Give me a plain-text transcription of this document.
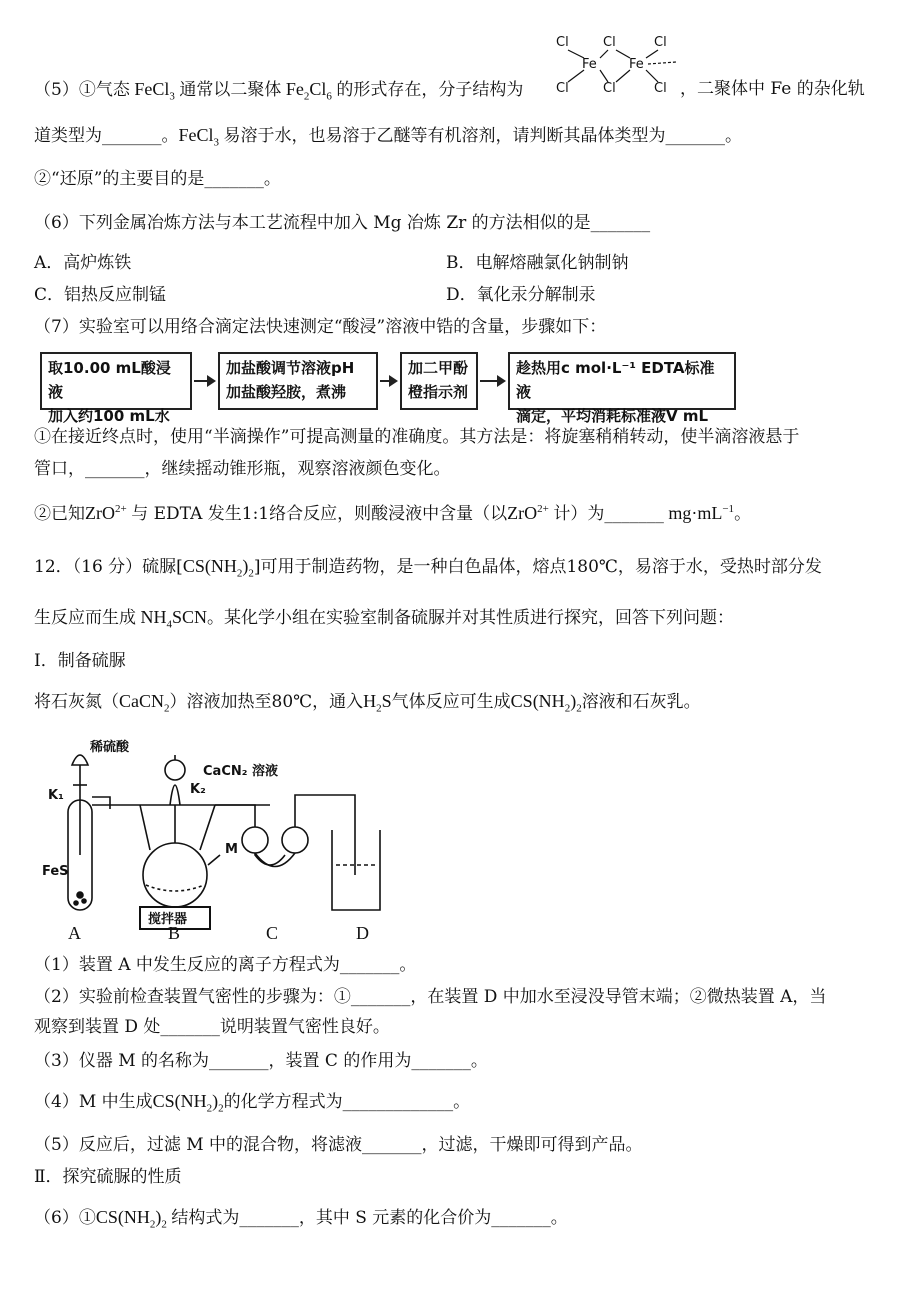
Cl	Cl	Cl
Fe Fe
Cl	Cl	Cl
（5）①气态 FeCl$_3$ 通常以二聚体 $Fe_2Cl_6$ 的形式存在，分子结构为	，二聚体中 Fe 的杂化轨
道类型为_______。FeCl$_3$ 易溶于水，也易溶于乙醚等有机溶剂，请判断其晶体类型为_______。
②“还原”的主要目的是_______。
（6）下列金属冶炼方法与本工艺流程中加入 Mg 冶炼 Zr 的方法相似的是_______
A．高炉炼铁	B．电解熔融氯化钠制钠
C．铝热反应制锰	D．氧化汞分解制汞
（7）实验室可以用络合滴定法快速测定“酸浸”溶液中锆的含量，步骤如下：
取10.00 mL酸浸液
加入约100 mL水
加盐酸调节溶液pH
加盐酸羟胺，煮沸
加二甲酚
橙指示剂
趁热用c mol·L⁻¹ EDTA标准液
滴定，平均消耗标准液V mL
①在接近终点时，使用“半滴操作”可提高测量的准确度。其方法是：将旋塞稍稍转动，使半滴溶液悬于
管口，_______，继续摇动锥形瓶，观察溶液颜色变化。
②已知ZrO$^{2+}$ 与 EDTA 发生1:1络合反应，则酸浸液中含量（以ZrO$^{2+}$ 计）为_______ $mg\cdot mL^{-1}$。
12．（16 分）硫脲$[CS(NH_2)_2]$可用于制造药物，是一种白色晶体，熔点180℃，易溶于水，受热时部分发
生反应而生成 $NH_4SCN$。某化学小组在实验室制备硫脲并对其性质进行探究，回答下列问题：
Ⅰ．制备硫脲
将石灰氮（CaCN$_2$）溶液加热至80℃，通入$H_2S$气体反应可生成$CS(NH_2)_2$溶液和石灰乳。
稀硫酸
K₁
FeS
CaCN₂ 溶液
K₂
M
搅拌器
A	B	C	D
（1）装置 A 中发生反应的离子方程式为_______。
（2）实验前检查装置气密性的步骤为：①_______，在装置 D 中加水至浸没导管末端；②微热装置 A，当
观察到装置 D 处_______说明装置气密性良好。
（3）仪器 M 的名称为_______，装置 C 的作用为_______。
（4）M 中生成$CS(NH_2)_2$的化学方程式为_____________。
（5）反应后，过滤 M 中的混合物，将滤液_______，过滤，干燥即可得到产品。
Ⅱ．探究硫脲的性质
$(6)①CS(NH_2)_2$ 结构式为_______，其中 S 元素的化合价为_______。
